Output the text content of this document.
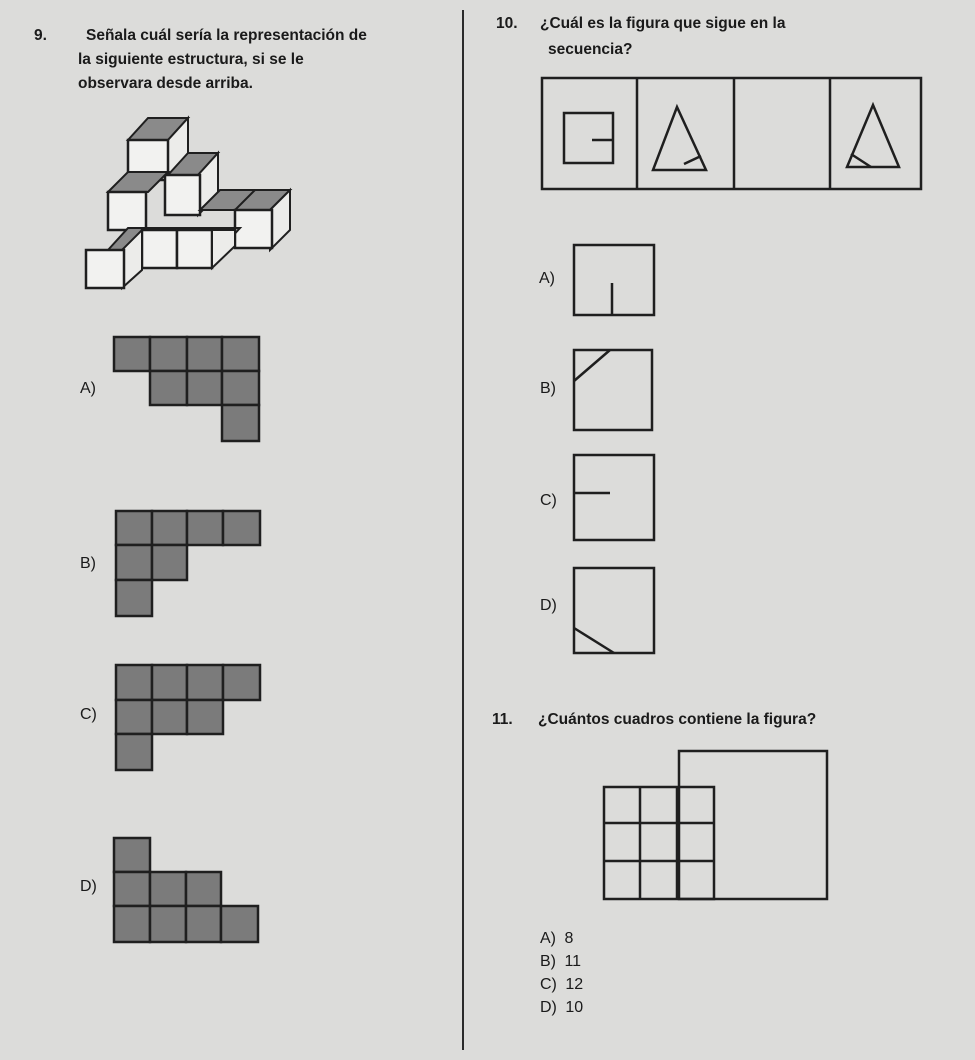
9.	Señala cuál sería la representación de
la siguiente estructura, si se le
observara desde arriba.
A)
B)
C)
D)
10. ¿Cuál es la figura que sigue en la
secuencia?
A)
B)
C)
D)
11. ¿Cuántos cuadros contiene la figura?
A) 8
B) 11
C) 12
D) 10
